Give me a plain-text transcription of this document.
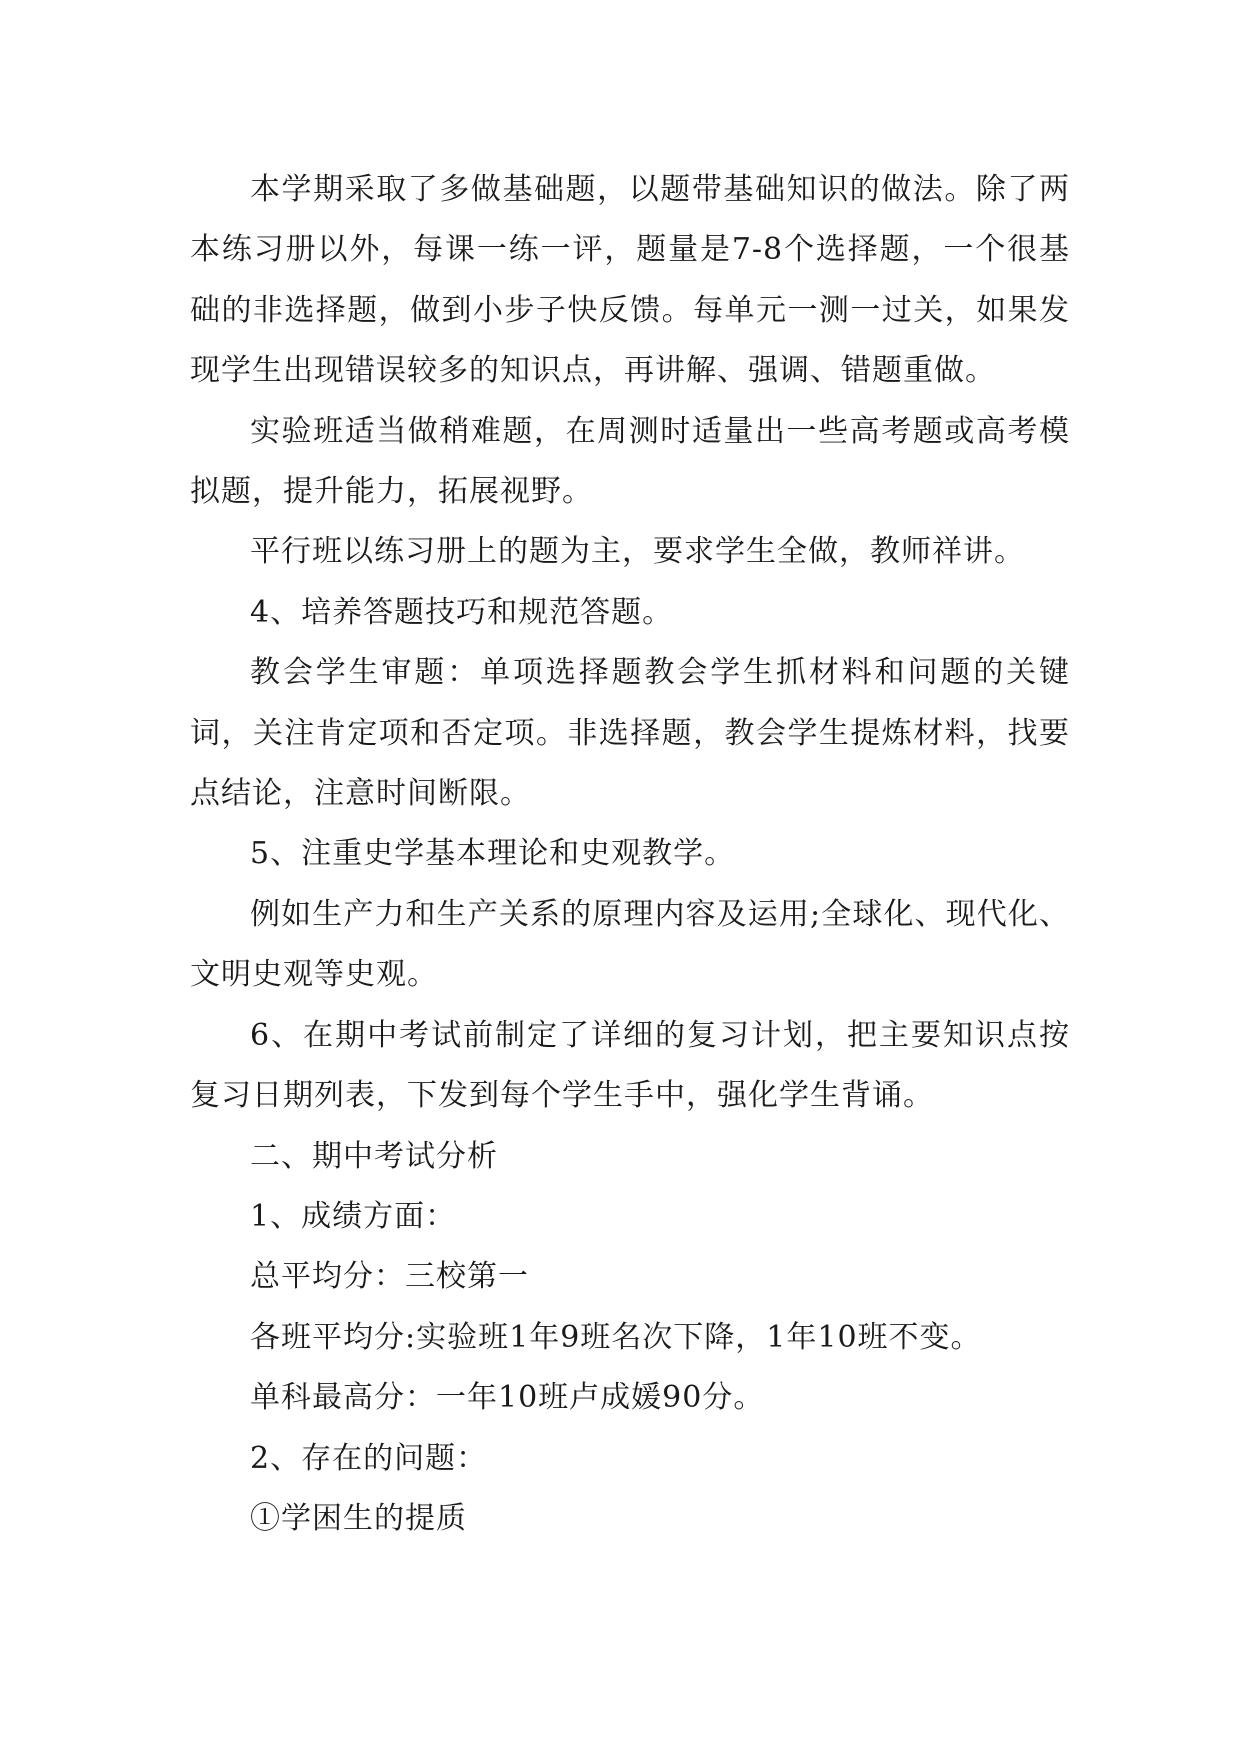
本学期采取了多做基础题，以题带基础知识的做法。除了两本练习册以外，每课一练一评，题量是7-8个选择题，一个很基础的非选择题，做到小步子快反馈。每单元一测一过关，如果发现学生出现错误较多的知识点，再讲解、强调、错题重做。

实验班适当做稍难题，在周测时适量出一些高考题或高考模拟题，提升能力，拓展视野。

平行班以练习册上的题为主，要求学生全做，教师祥讲。

4、培养答题技巧和规范答题。

教会学生审题：单项选择题教会学生抓材料和问题的关键词，关注肯定项和否定项。非选择题，教会学生提炼材料，找要点结论，注意时间断限。

5、注重史学基本理论和史观教学。

例如生产力和生产关系的原理内容及运用;全球化、现代化、文明史观等史观。

6、在期中考试前制定了详细的复习计划，把主要知识点按复习日期列表，下发到每个学生手中，强化学生背诵。

二、期中考试分析

1、成绩方面：

总平均分：三校第一

各班平均分:实验班1年9班名次下降，1年10班不变。

单科最高分：一年10班卢成媛90分。

2、存在的问题：

①学困生的提质
